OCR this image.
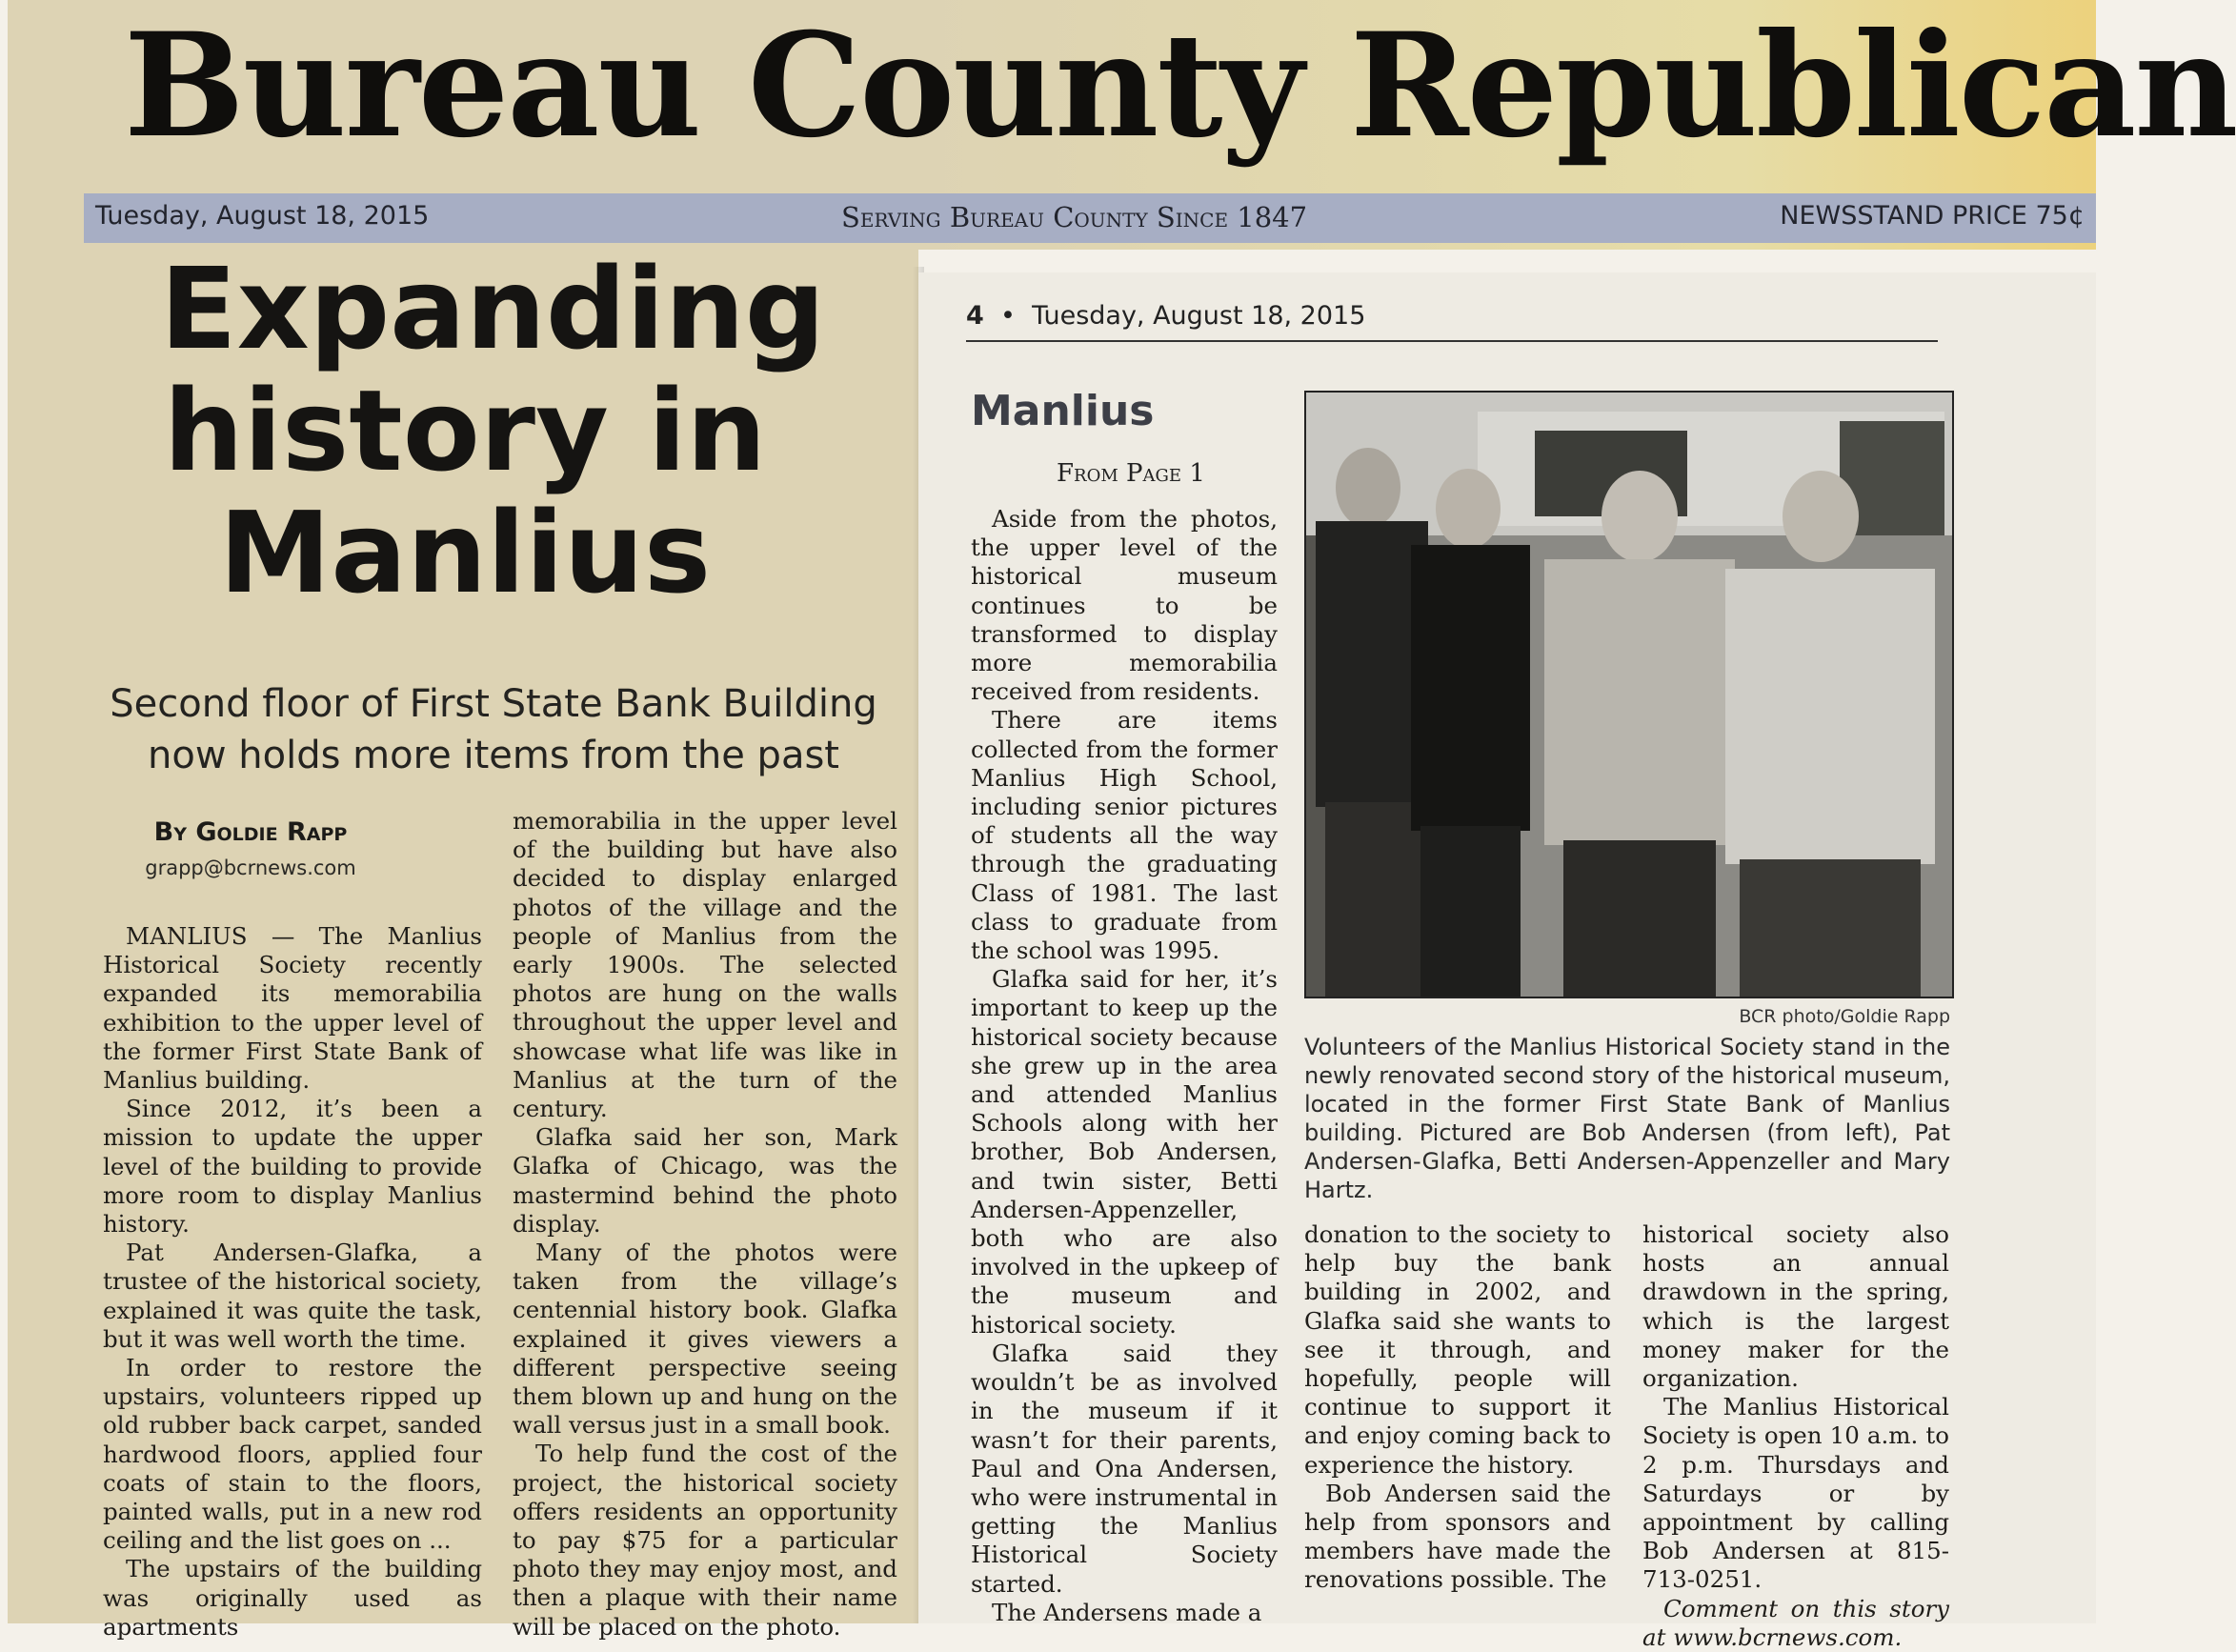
Expanding history in Manlius

Second floor of First State Bank Building now holds more items from the past

By Goldie Rapp
grapp@bcrnews.com

MANLIUS — The Manlius Historical Society recently expanded its memorabilia exhibition to the upper level of the former First State Bank of Manlius building.

Since 2012, it’s been a mission to update the upper level of the building to provide more room to display Manlius history.

Pat Andersen-Glafka, a trustee of the historical society, explained it was quite the task, but it was well worth the time.

In order to restore the upstairs, volunteers ripped up old rubber back carpet, sanded hardwood floors, applied four coats of stain to the floors, painted walls, put in a new rod ceiling and the list goes on ...

The upstairs of the building was originally used as apartments

memorabilia in the upper level of the building but have also decided to display enlarged photos of the village and the people of Manlius from the early 1900s. The selected photos are hung on the walls throughout the upper level and showcase what life was like in Manlius at the turn of the century.

Glafka said her son, Mark Glafka of Chicago, was the mastermind behind the photo display.

Many of the photos were taken from the village’s centennial history book. Glafka explained it gives viewers a different perspective seeing them blown up and hung on the wall versus just in a small book.

To help fund the cost of the project, the historical society offers residents an opportunity to pay $75 for a particular photo they may enjoy most, and then a plaque with their name will be placed on the photo.

Bureau County Republican
Tuesday, August 18, 2015	Serving Bureau County Since 1847	NEWSSTAND PRICE 75¢
4  •  Tuesday, August 18, 2015
Manlius
From Page 1

Aside from the photos, the upper level of the historical museum continues to be transformed to display more memorabilia received from residents.

There are items collected from the former Manlius High School, including senior pictures of students all the way through the graduating Class of 1981. The last class to graduate from the school was 1995.

Glafka said for her, it’s important to keep up the historical society because she grew up in the area and attended Manlius Schools along with her brother, Bob Andersen, and twin sister, Betti Andersen-Appenzeller, both who are also involved in the upkeep of the museum and historical society.

Glafka said they wouldn’t be as involved in the museum if it wasn’t for their parents, Paul and Ona Andersen, who were instrumental in getting the Manlius Historical Society started.

The Andersens made a

BCR photo/Goldie Rapp

Volunteers of the Manlius Historical Society stand in the newly renovated second story of the historical museum, located in the former First State Bank of Manlius building. Pictured are Bob Andersen (from left), Pat Andersen-Glafka, Betti Andersen-Appenzeller and Mary Hartz.

donation to the society to help buy the bank building in 2002, and Glafka said she wants to see it through, and hopefully, people will continue to support it and enjoy coming back to experience the history.

Bob Andersen said the help from sponsors and members have made the renovations possible. The

historical society also hosts an annual drawdown in the spring, which is the largest money maker for the organization.

The Manlius Historical Society is open 10 a.m. to 2 p.m. Thursdays and Saturdays or by appointment by calling Bob Andersen at 815-713-0251.

Comment on this story at www.bcrnews.com.
